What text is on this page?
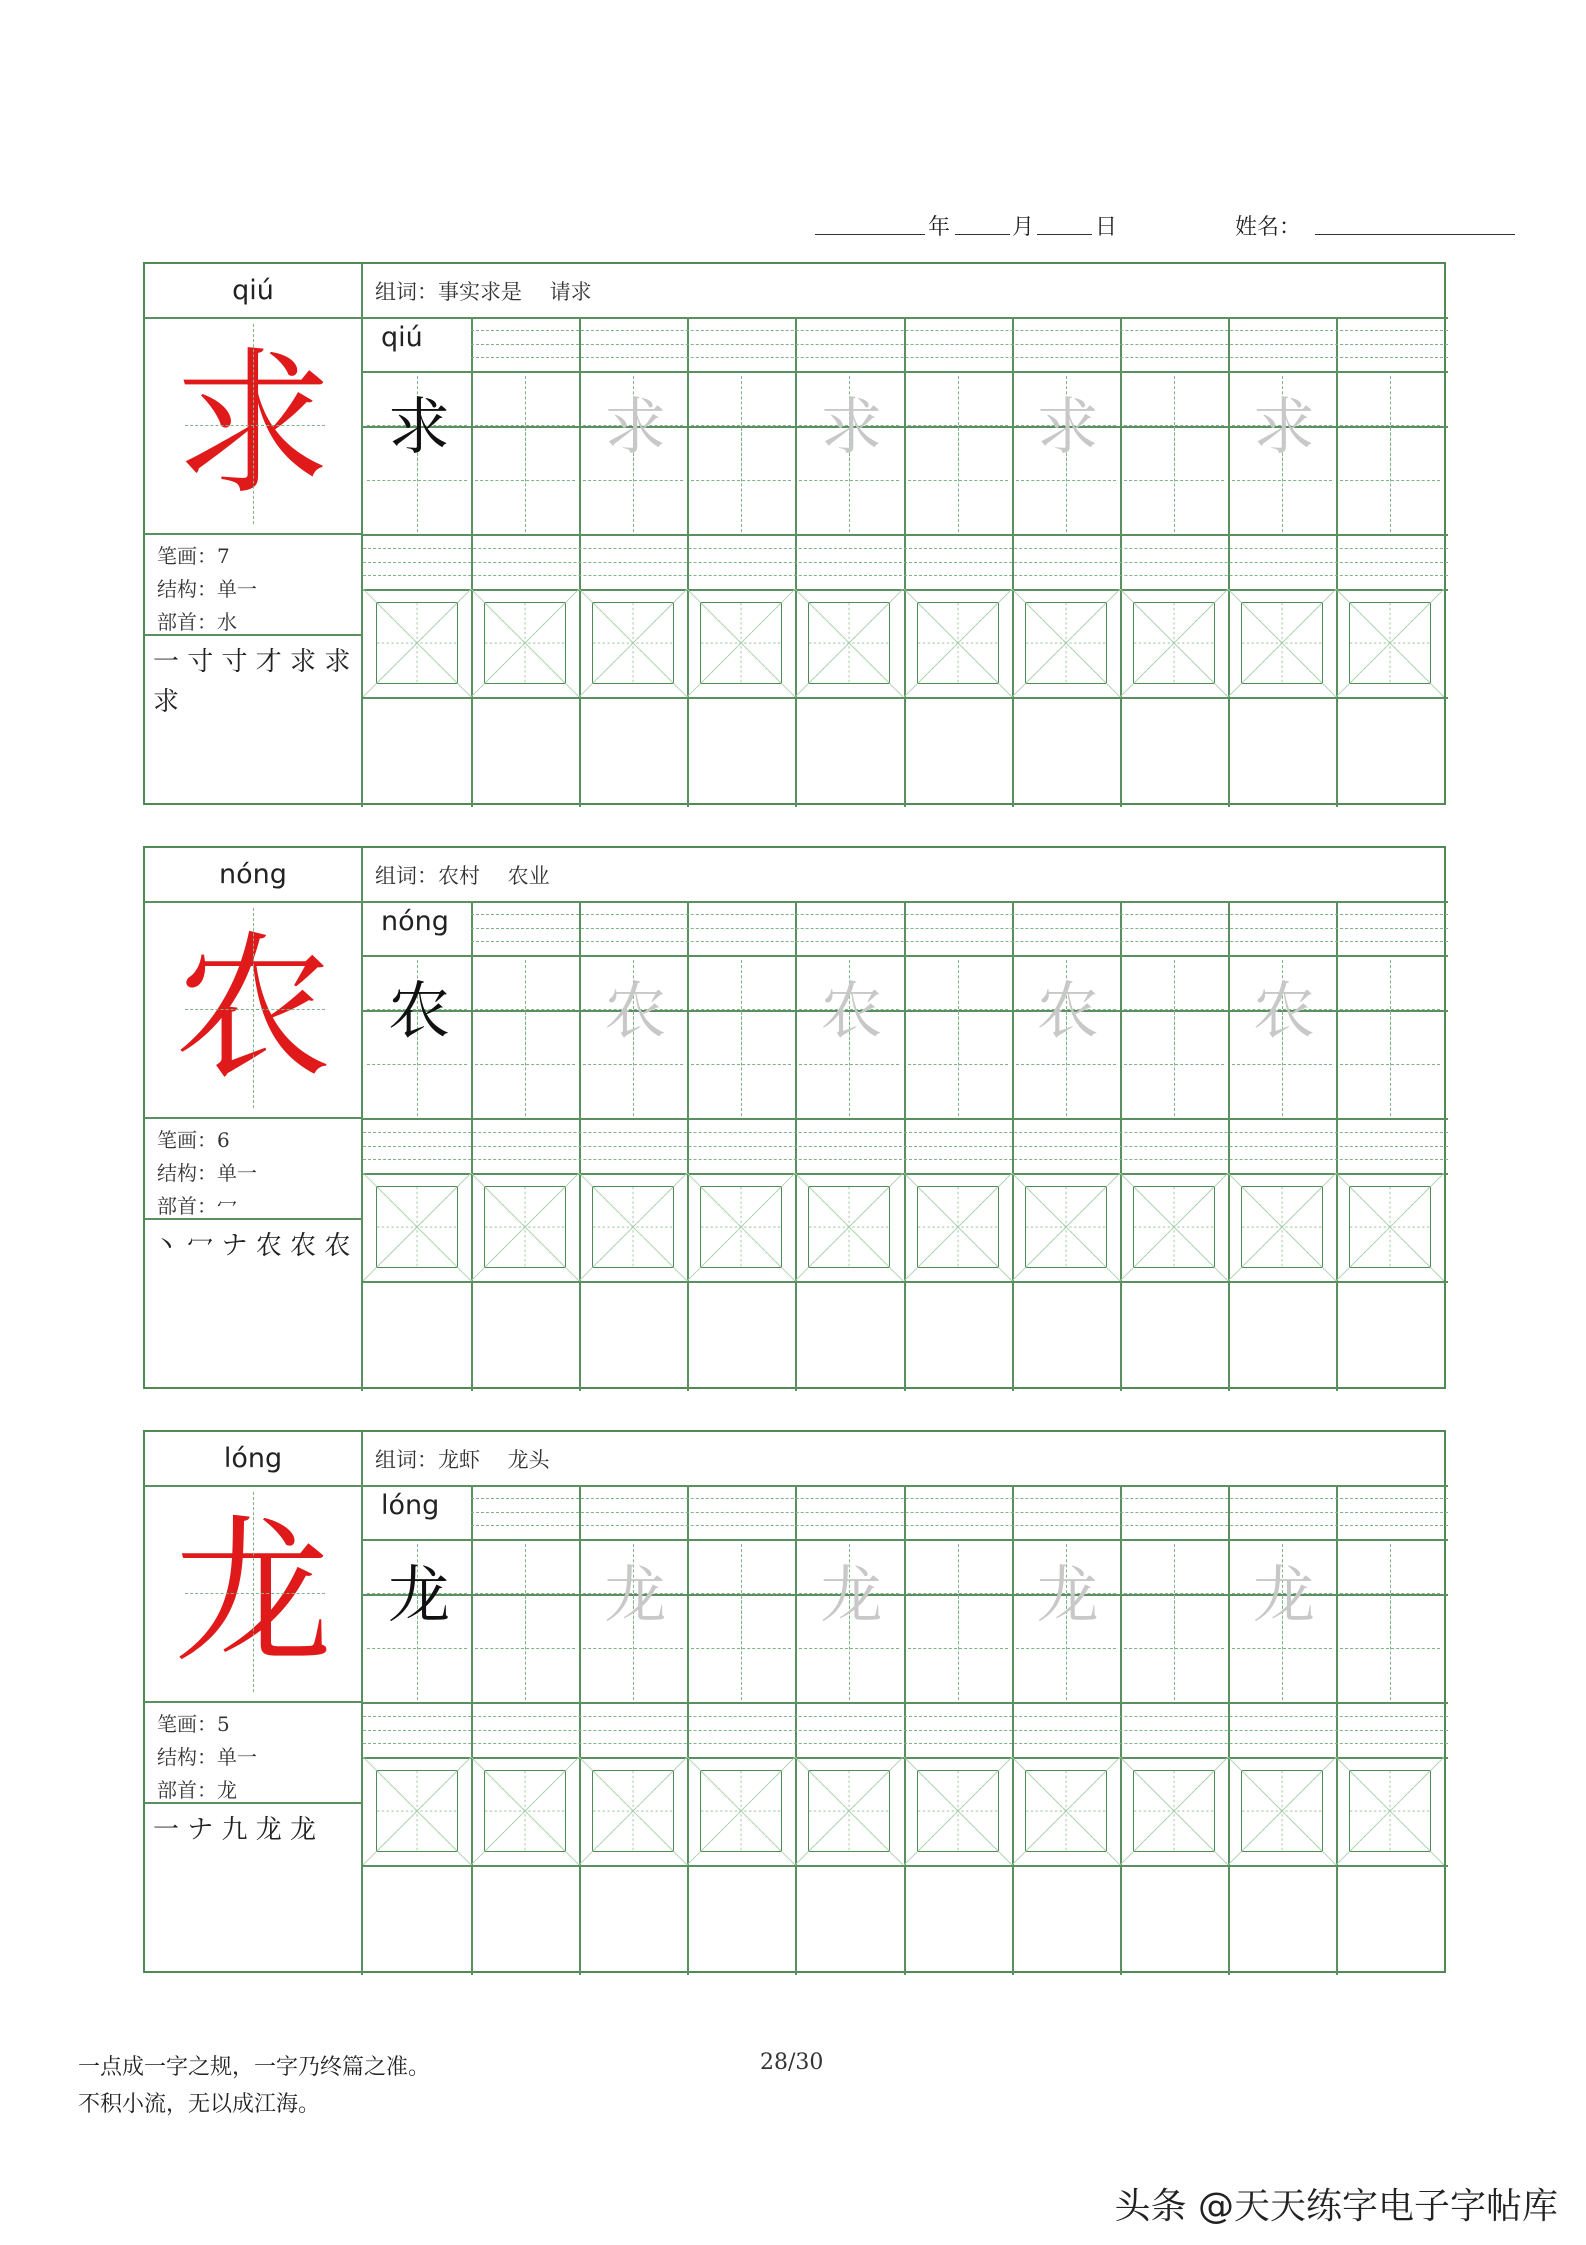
年	月	日	姓名：
qiú
求
笔画：7
结构：单一
部首：水
一 寸 寸 才 求 求 求
组词： 事实求是　 请求
qiú
求	求	求	求	求
nóng
农
笔画：6
结构：单一
部首：冖
丶 冖 ナ 农 农 农
组词： 农村　 农业
nóng
农	农	农	农	农
lóng
龙
笔画：5
结构：单一
部首：龙
一 ナ 九 龙 龙
组词： 龙虾　 龙头
lóng
龙	龙	龙	龙	龙
一点成一字之规，一字乃终篇之准。
不积小流，无以成江海。
28/30
头条 @天天练字电子字帖库
